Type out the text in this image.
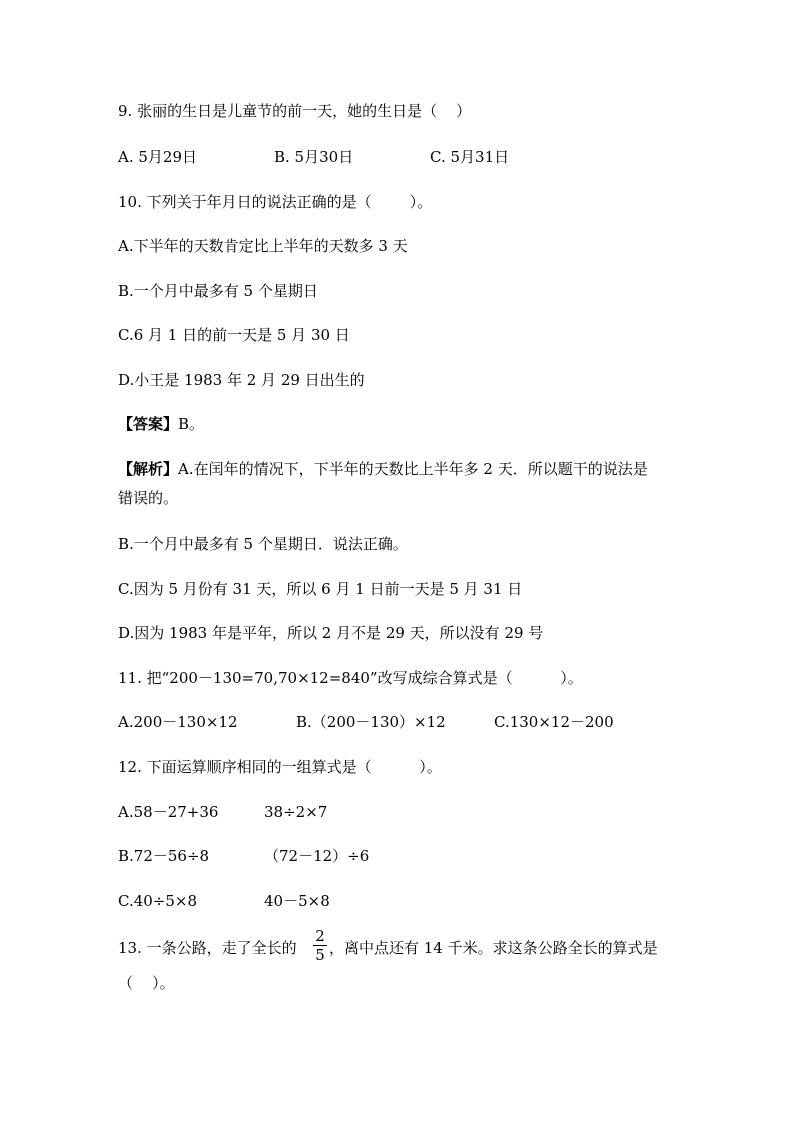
9. 张丽的生日是儿童节的前一天，她的生日是（    ）
A. 5月29日	B. 5月30日	C. 5月31日
10. 下列关于年月日的说法正确的是（        ）。
A.下半年的天数肯定比上半年的天数多 3 天
B.一个月中最多有 5 个星期日
C.6 月 1 日的前一天是 5 月 30 日
D.小王是 1983 年 2 月 29 日出生的
【答案】B。
【解析】A.在闰年的情况下，下半年的天数比上半年多 2 天．所以题干的说法是
错误的。
B.一个月中最多有 5 个星期日．说法正确。
C.因为 5 月份有 31 天，所以 6 月 1 日前一天是 5 月 31 日
D.因为 1983 年是平年，所以 2 月不是 29 天，所以没有 29 号
11. 把“200－130=70,70×12=840”改写成综合算式是（          ）。
A.200－130×12	B.（200－130）×12	C.130×12－200
12. 下面运算顺序相同的一组算式是（          ）。
A.58－27+36	38÷2×7
B.72－56÷8	（72－12）÷6
C.40÷5×8	40－5×8
13. 一条公路，走了全长的
2
5 ，离中点还有 14 千米。求这条公路全长的算式是
（    ）。
